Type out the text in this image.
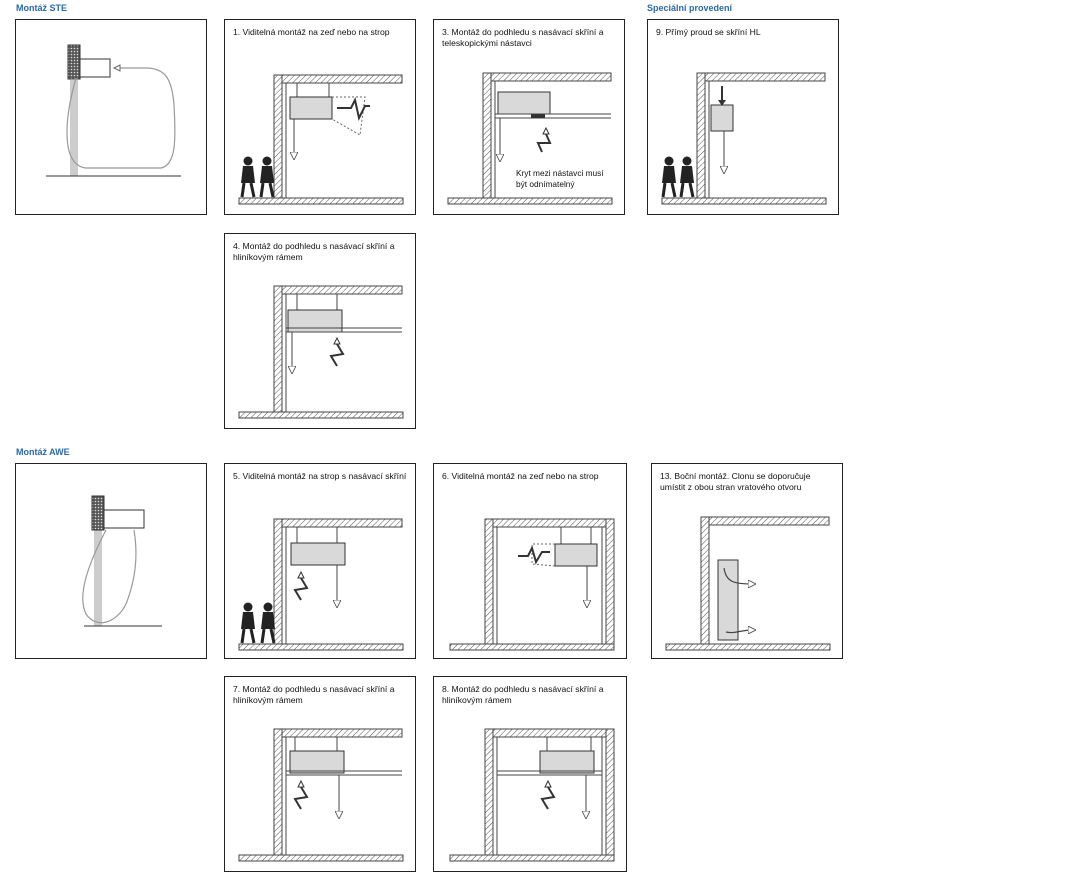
Montáž STE	Speciální provedení
Montáž AWE
1. Viditelná montáž na zeď nebo na strop	3. Montáž do podhledu s nasávací skříní a teleskopickými nástavci
Kryt mezi nástavci musí být odnímatelný
9. Přímý proud se skříní HL
4. Montáž do podhledu s nasávací skříní a hliníkovým rámem
5. Viditelná montáž na strop s nasávací skříní	6. Viditelná montáž na zeď nebo na strop	13. Boční montáž. Clonu se doporučuje umístit z obou stran vratového otvoru
7. Montáž do podhledu s nasávací skříní a hliníkovým rámem
8. Montáž do podhledu s nasávací skříní a hliníkovým rámem
